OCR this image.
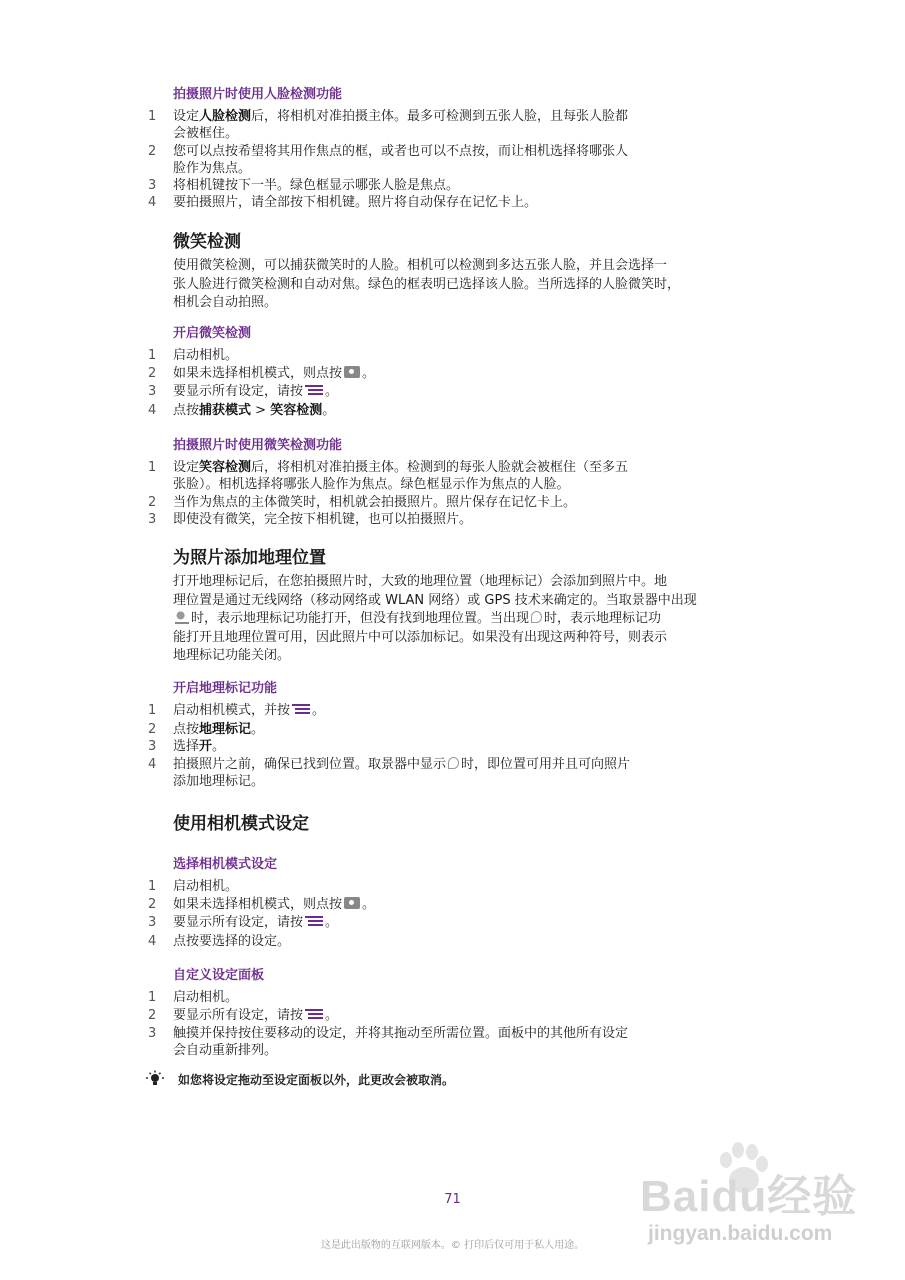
拍摄照片时使用人脸检测功能
1	设定人脸检测后，将相机对准拍摄主体。最多可检测到五张人脸，且每张人脸都
会被框住。
2	您可以点按希望将其用作焦点的框，或者也可以不点按，而让相机选择将哪张人
脸作为焦点。
3	将相机键按下一半。绿色框显示哪张人脸是焦点。
4	要拍摄照片，请全部按下相机键。照片将自动保存在记忆卡上。
微笑检测
使用微笑检测，可以捕获微笑时的人脸。相机可以检测到多达五张人脸，并且会选择一
张人脸进行微笑检测和自动对焦。绿色的框表明已选择该人脸。当所选择的人脸微笑时，
相机会自动拍照。
开启微笑检测
1	启动相机。
2	如果未选择相机模式，则点按 。
3	要显示所有设定，请按 。
4	点按捕获模式 > 笑容检测。
拍摄照片时使用微笑检测功能
1	设定笑容检测后，将相机对准拍摄主体。检测到的每张人脸就会被框住（至多五
张脸）。相机选择将哪张人脸作为焦点。绿色框显示作为焦点的人脸。
2	当作为焦点的主体微笑时，相机就会拍摄照片。照片保存在记忆卡上。
3	即使没有微笑，完全按下相机键，也可以拍摄照片。
为照片添加地理位置
打开地理标记后，在您拍摄照片时，大致的地理位置（地理标记）会添加到照片中。地
理位置是通过无线网络（移动网络或 WLAN 网络）或 GPS 技术来确定的。当取景器中出现
时，表示地理标记功能打开，但没有找到地理位置。当出现 时，表示地理标记功
能打开且地理位置可用，因此照片中可以添加标记。如果没有出现这两种符号，则表示
地理标记功能关闭。
开启地理标记功能
1	启动相机模式，并按 。
2	点按地理标记。
3	选择开。
4	拍摄照片之前，确保已找到位置。取景器中显示 时，即位置可用并且可向照片
添加地理标记。
使用相机模式设定
选择相机模式设定
1	启动相机。
2	如果未选择相机模式，则点按 。
3	要显示所有设定，请按 。
4	点按要选择的设定。
自定义设定面板
1	启动相机。
2	要显示所有设定，请按 。
3	触摸并保持按住要移动的设定，并将其拖动至所需位置。面板中的其他所有设定
会自动重新排列。
如您将设定拖动至设定面板以外，此更改会被取消。
Baidu经验
jingyan.baidu.com
71
这是此出版物的互联网版本。© 打印后仅可用于私人用途。
